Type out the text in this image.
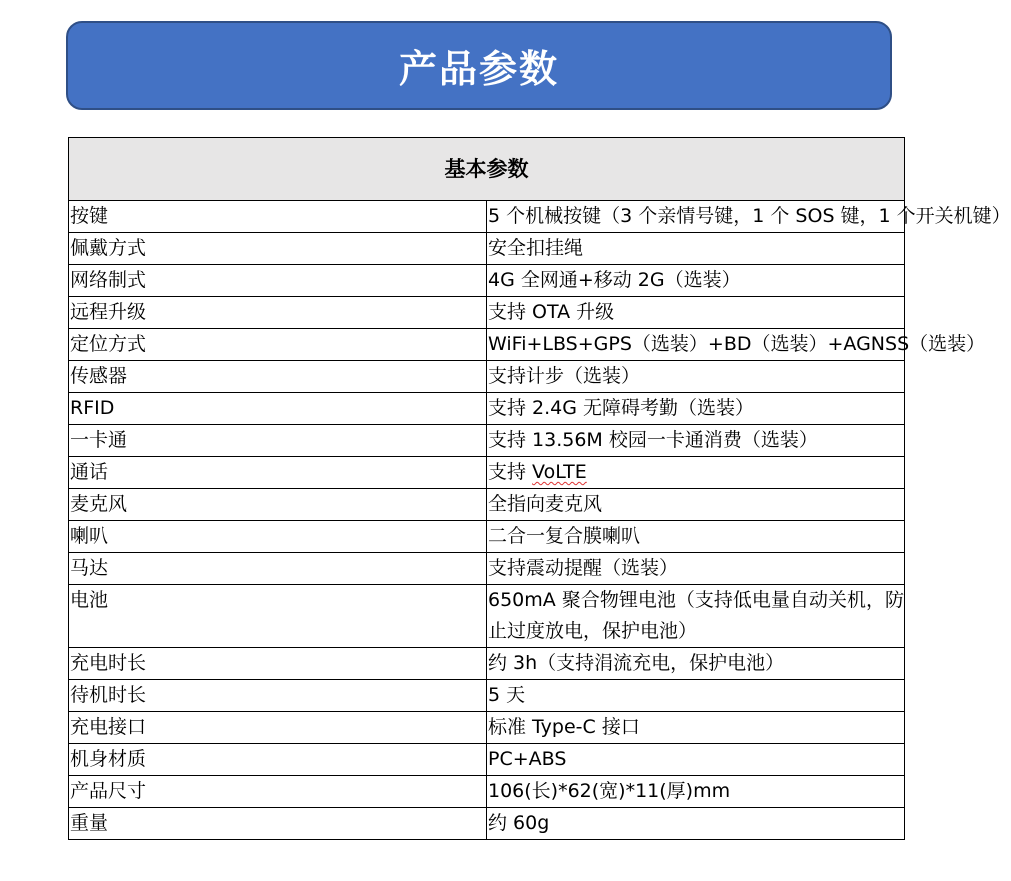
产品参数
基本参数	
按键	5 个机械按键（3 个亲情号键，1 个 SOS 键，1 个开关机键）
佩戴方式	安全扣挂绳
网络制式	4G 全网通+移动 2G（选装）
远程升级	支持 OTA 升级
定位方式	WiFi+LBS+GPS（选装）+BD（选装）+AGNSS（选装）
传感器	支持计步（选装）
RFID	支持 2.4G 无障碍考勤（选装）
一卡通	支持 13.56M 校园一卡通消费（选装）
通话	支持 VoLTE
麦克风	全指向麦克风
喇叭	二合一复合膜喇叭
马达	支持震动提醒（选装）
电池	650mA 聚合物锂电池（支持低电量自动关机，防止过度放电，保护电池）
充电时长	约 3h（支持涓流充电，保护电池）
待机时长	5 天
充电接口	标准 Type-C 接口
机身材质	PC+ABS
产品尺寸	106(长)*62(宽)*11(厚)mm
重量	约 60g
